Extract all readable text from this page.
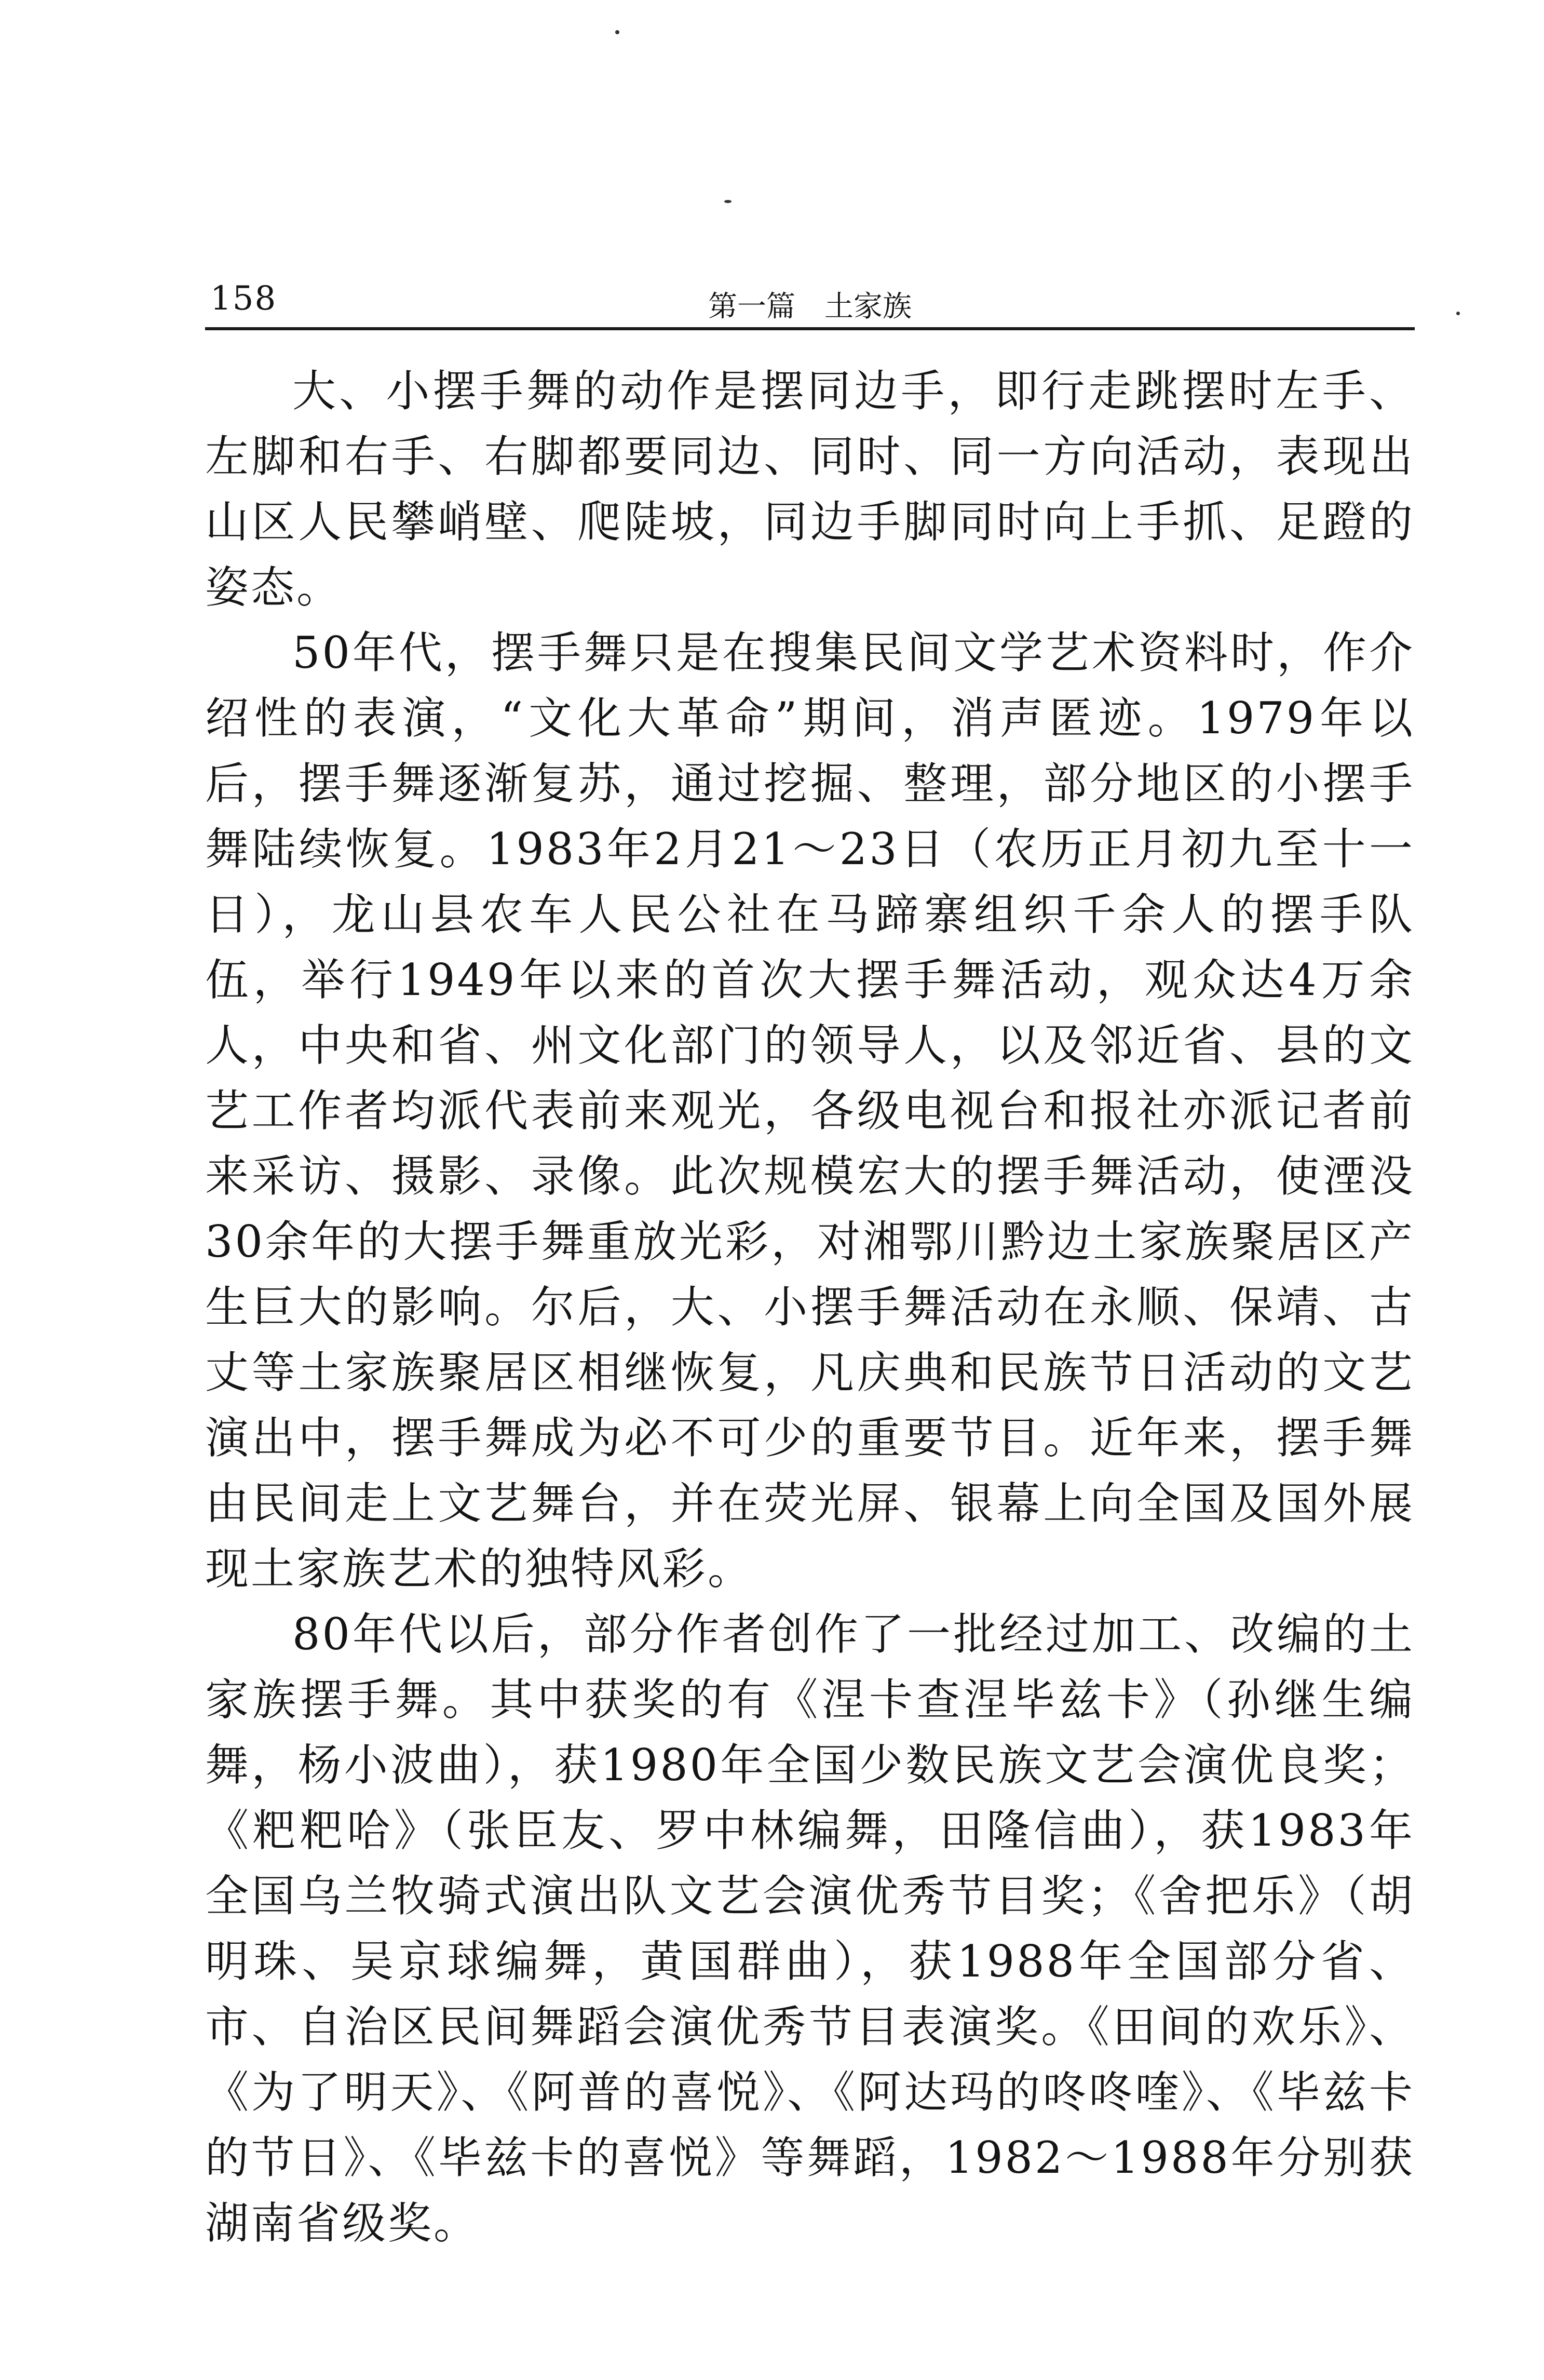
158	第一篇　土家族

大、小摆手舞的动作是摆同边手，即行走跳摆时左手、左脚和右手、右脚都要同边、同时、同一方向活动，表现出山区人民攀峭壁、爬陡坡，同边手脚同时向上手抓、足蹬的姿态。

50年代，摆手舞只是在搜集民间文学艺术资料时，作介绍性的表演，“文化大革命”期间，消声匿迹。1979年以后，摆手舞逐渐复苏，通过挖掘、整理，部分地区的小摆手舞陆续恢复。1983年2月21～23日（农历正月初九至十一日），龙山县农车人民公社在马蹄寨组织千余人的摆手队伍，举行1949年以来的首次大摆手舞活动，观众达4万余人，中央和省、州文化部门的领导人，以及邻近省、县的文艺工作者均派代表前来观光，各级电视台和报社亦派记者前来采访、摄影、录像。此次规模宏大的摆手舞活动，使湮没30余年的大摆手舞重放光彩，对湘鄂川黔边土家族聚居区产生巨大的影响。尔后，大、小摆手舞活动在永顺、保靖、古丈等土家族聚居区相继恢复，凡庆典和民族节日活动的文艺演出中，摆手舞成为必不可少的重要节目。近年来，摆手舞由民间走上文艺舞台，并在荧光屏、银幕上向全国及国外展现土家族艺术的独特风彩。

80年代以后，部分作者创作了一批经过加工、改编的土家族摆手舞。其中获奖的有《涅卡查涅毕兹卡》（孙继生编舞，杨小波曲），获1980年全国少数民族文艺会演优良奖；《粑粑哈》（张臣友、罗中林编舞，田隆信曲），获1983年全国乌兰牧骑式演出队文艺会演优秀节目奖；《舍把乐》（胡明珠、吴京球编舞，黄国群曲），获1988年全国部分省、市、自治区民间舞蹈会演优秀节目表演奖。《田间的欢乐》、《为了明天》、《阿普的喜悦》、《阿达玛的咚咚喹》、《毕兹卡的节日》、《毕兹卡的喜悦》等舞蹈，1982～1988年分别获湖南省级奖。
